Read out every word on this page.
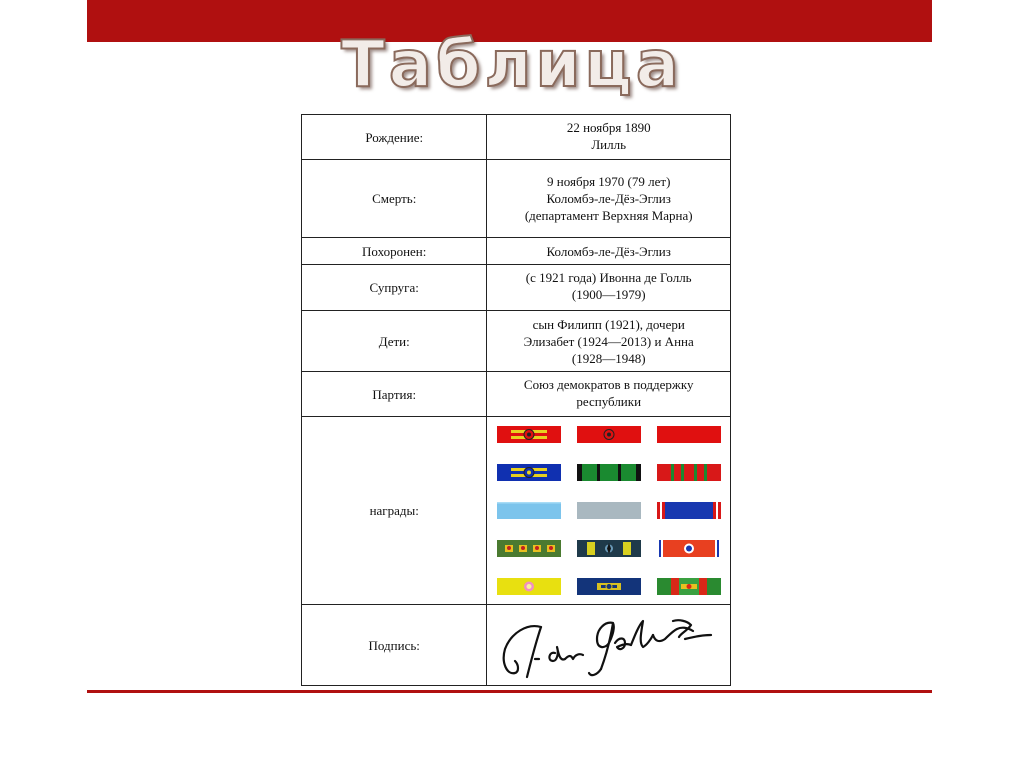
Таблица
Рождение:	22 ноября 1890
Лилль

Смерть:	9 ноября 1970 (79 лет)
Коломбэ-ле-Дёз-Эглиз
(департамент Верхняя Марна)

Похоронен:	Коломбэ-ле-Дёз-Эглиз

Супруга:	(с 1921 года) Ивонна де Голль
(1900—1979)

Дети:	сын Филипп (1921), дочери
Элизабет (1924—2013) и Анна
(1928—1948)

Партия:	Союз демократов в поддержку
республики

награды:	

Подпись:	
